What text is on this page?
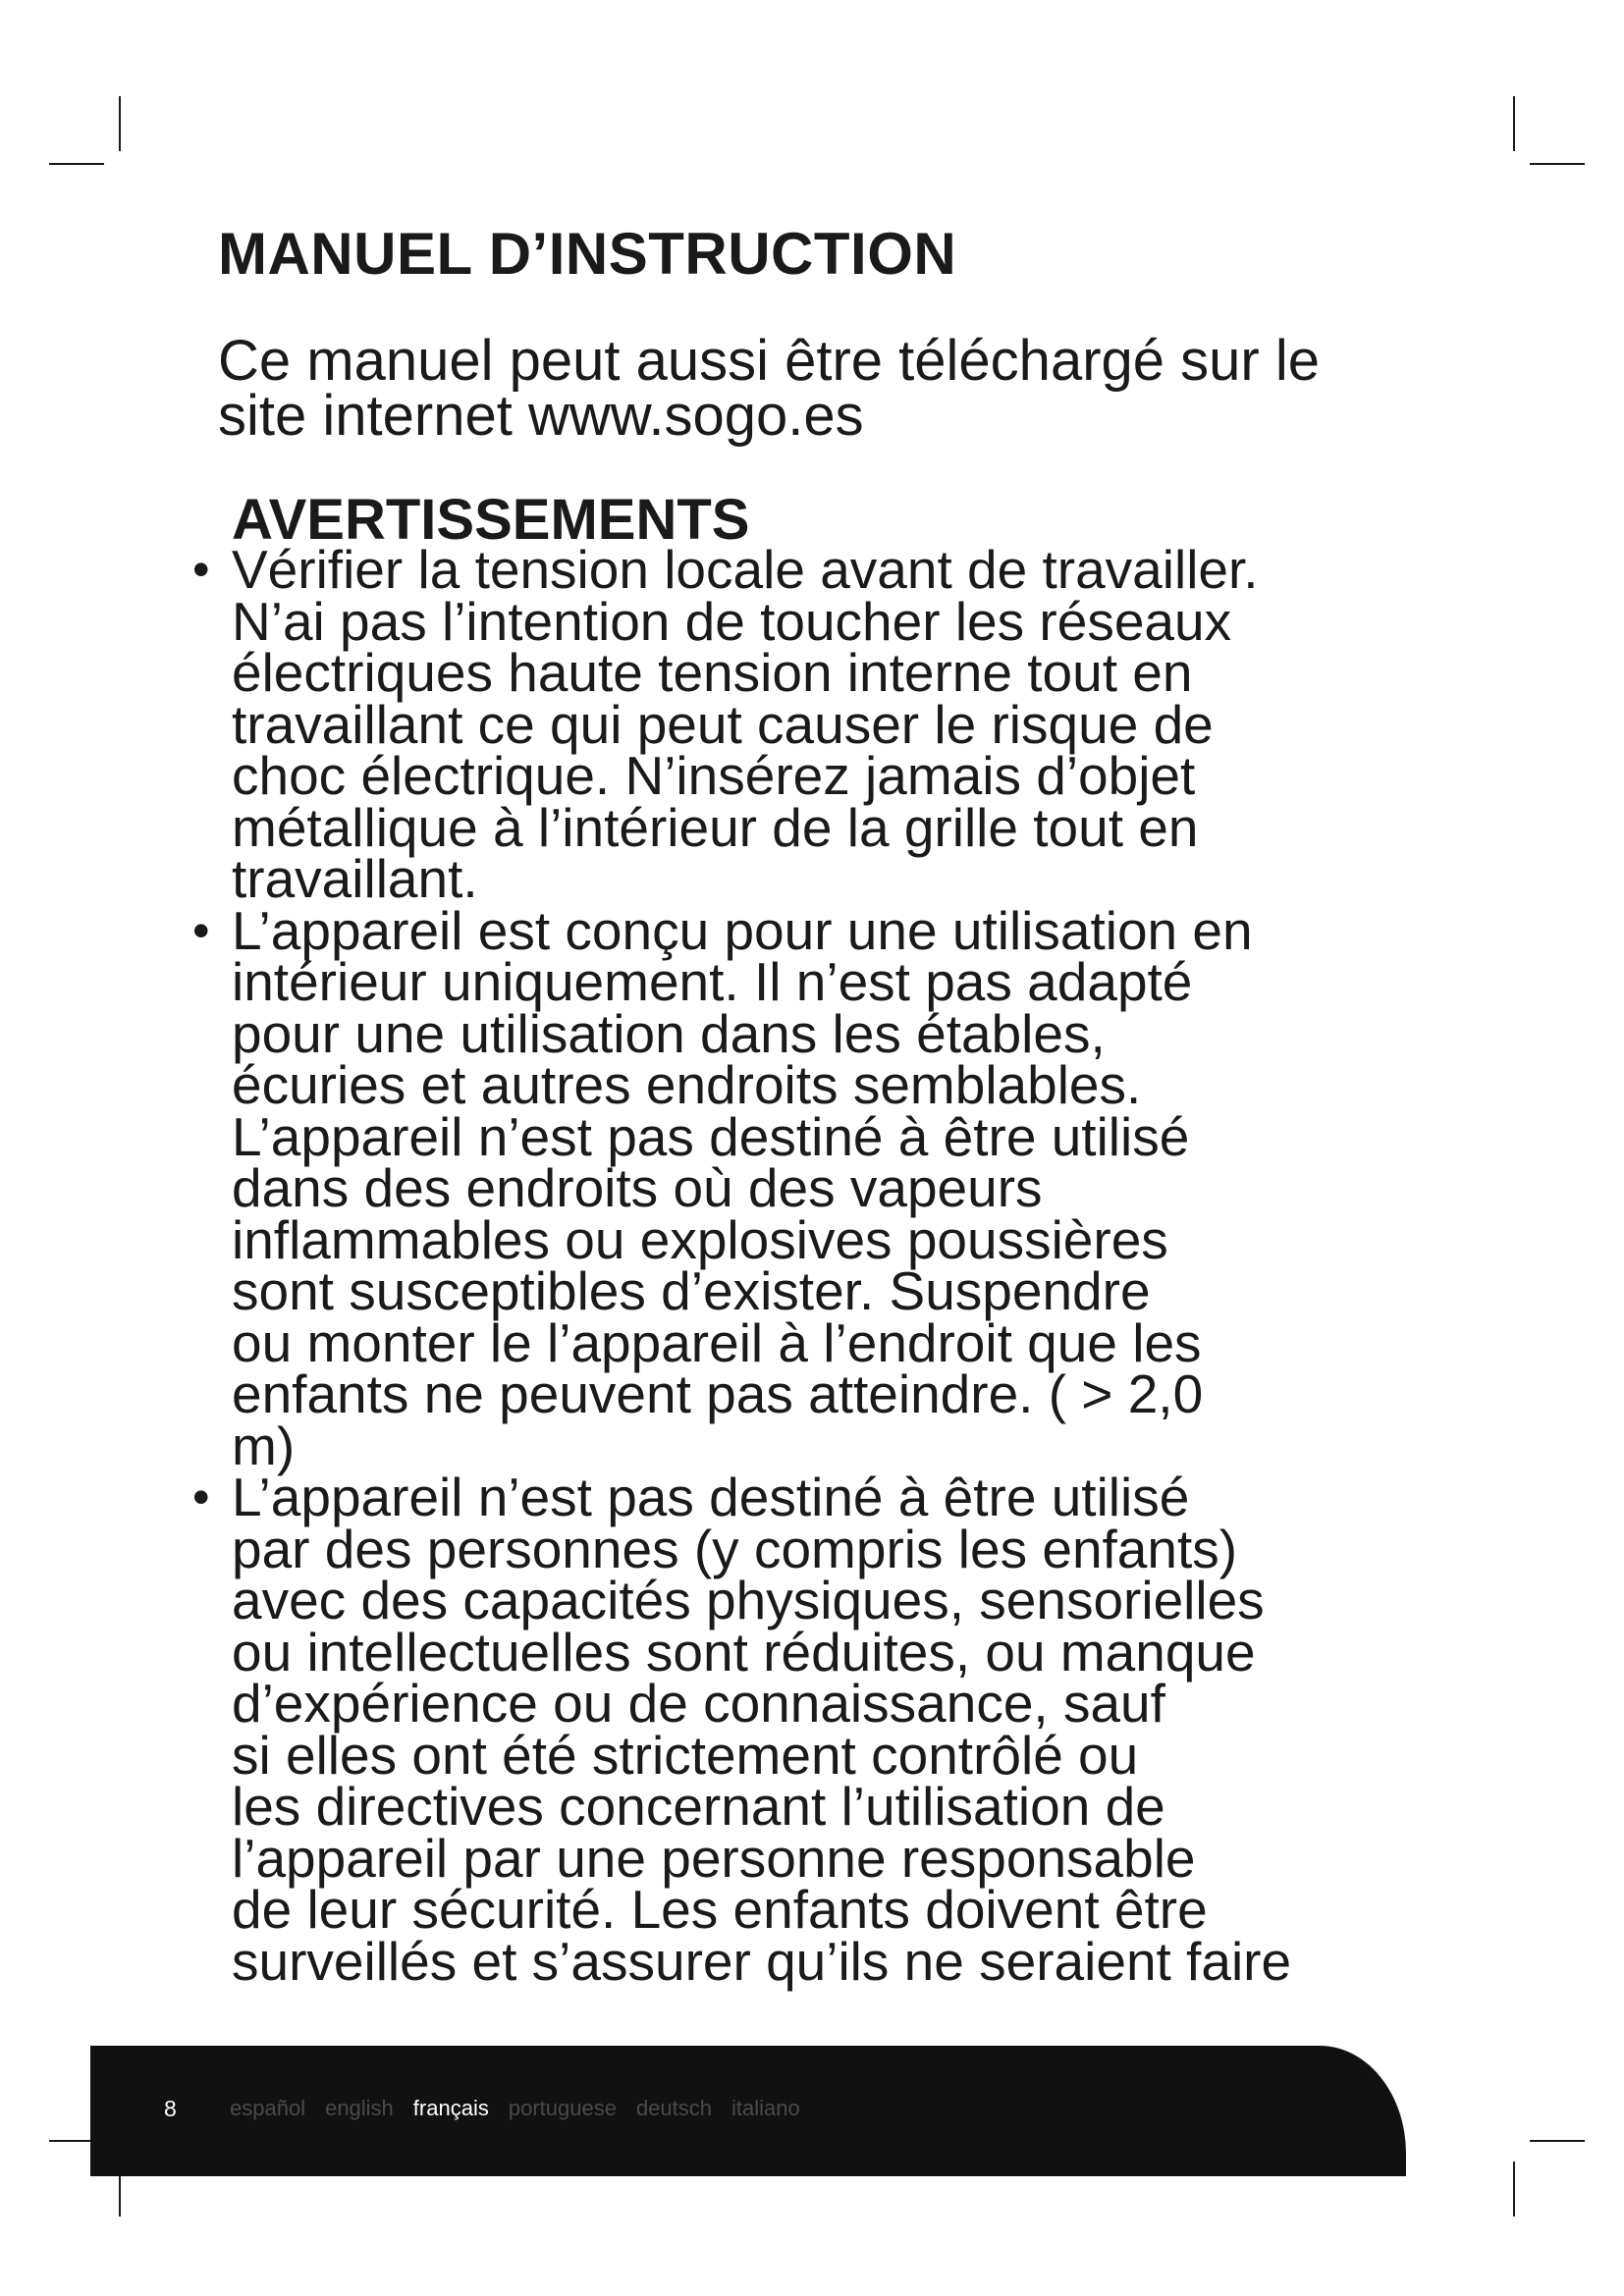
MANUEL D’INSTRUCTION

Ce manuel peut aussi être téléchargé sur le
site internet www.sogo.es

AVERTISSEMENTS
• Vérifier la tension locale avant de travailler.
N’ai pas l’intention de toucher les réseaux
électriques haute tension interne tout en
travaillant ce qui peut causer le risque de
choc électrique. N’insérez jamais d’objet
métallique à l’intérieur de la grille tout en
travaillant.
• L’appareil est conçu pour une utilisation en
intérieur uniquement. Il n’est pas adapté
pour une utilisation dans les étables,
écuries et autres endroits semblables.
L’appareil n’est pas destiné à être utilisé
dans des endroits où des vapeurs
inflammables ou explosives poussières
sont susceptibles d’exister. Suspendre
ou monter le l’appareil à l’endroit que les
enfants ne peuvent pas atteindre. ( > 2,0
m)
• L’appareil n’est pas destiné à être utilisé
par des personnes (y compris les enfants)
avec des capacités physiques, sensorielles
ou intellectuelles sont réduites, ou manque
d’expérience ou de connaissance, sauf
si elles ont été strictement contrôlé ou
les directives concernant l’utilisation de
l’appareil par une personne responsable
de leur sécurité. Les enfants doivent être
surveillés et s’assurer qu’ils ne seraient faire
8 español english français portuguese deutsch italiano
